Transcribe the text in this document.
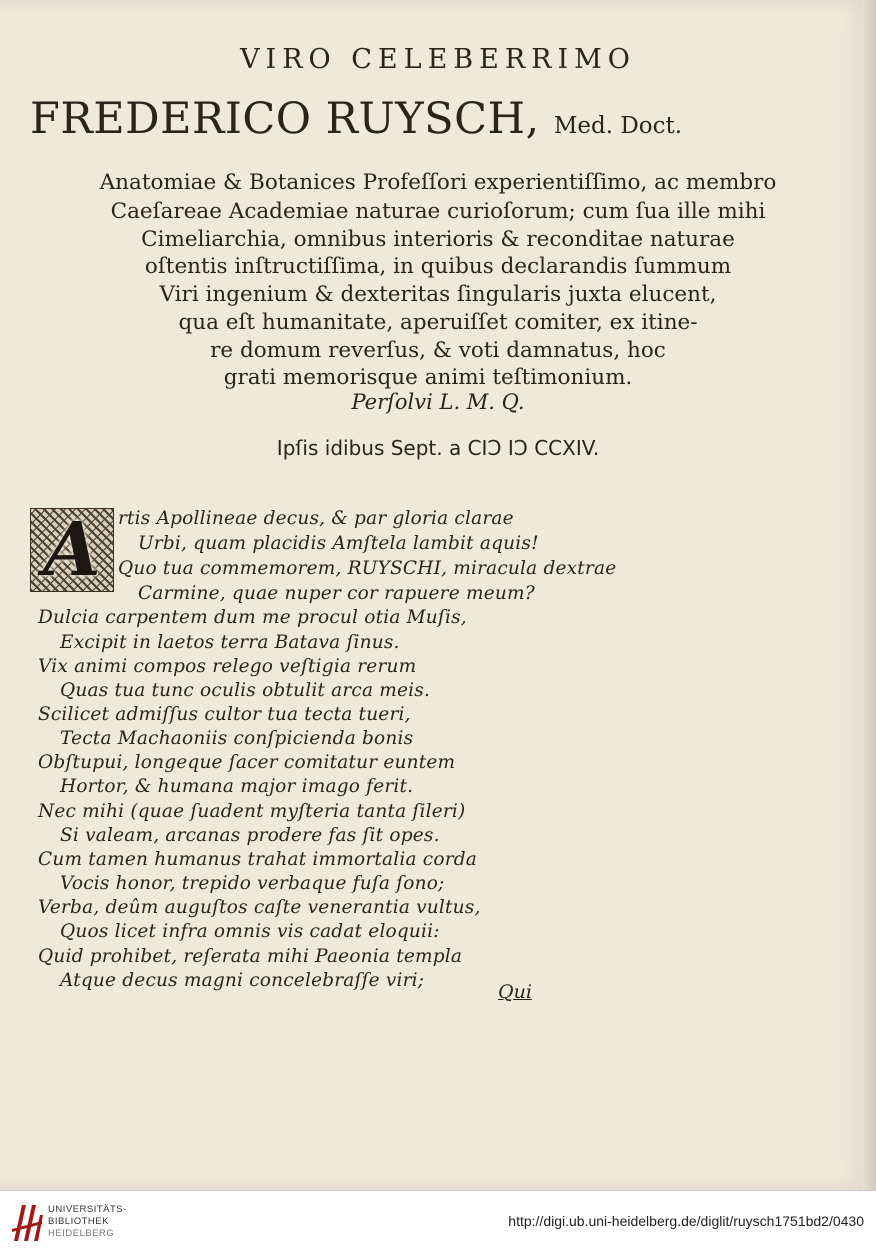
VIRO CELEBERRIMO
FREDERICO RUYSCH, Med. Doct.
Anatomiae & Botanices Profeſſori experientiſſimo, ac membro
Caeſareae Academiae naturae curioſorum; cum ſua ille mihi
Cimeliarchia, omnibus interioris & reconditae naturae
oſtentis inſtructiſſima, in quibus declarandis ſummum
Viri ingenium & dexteritas ſingularis juxta elucent,
qua eſt humanitate, aperuiſſet comiter, ex itine-
re domum reverſus, & voti damnatus, hoc
grati memorisque animi teſtimonium.
Perſolvi L. M. Q.
Ipſis idibus Sept. a CIↃ IↃ CCXIV.
A rtis Apollineae decus, & par gloria clarae
Urbi, quam placidis Amſtela lambit aquis!
Quo tua commemorem, RUYSCHI, miracula dextrae
Carmine, quae nuper cor rapuere meum?
Dulcia carpentem dum me procul otia Muſis,
Excipit in laetos terra Batava ſinus.
Vix animi compos relego veſtigia rerum
Quas tua tunc oculis obtulit arca meis.
Scilicet admiſſus cultor tua tecta tueri,
Tecta Machaoniis conſpicienda bonis
Obſtupui, longeque ſacer comitatur euntem
Hortor, & humana major imago ferit.
Nec mihi (quae ſuadent myſteria tanta ſileri)
Si valeam, arcanas prodere fas ſit opes.
Cum tamen humanus trahat immortalia corda
Vocis honor, trepido verbaque fuſa ſono;
Verba, deûm auguſtos caſte venerantia vultus,
Quos licet infra omnis vis cadat eloquii:
Quid prohibet, reſerata mihi Paeonia templa
Atque decus magni concelebraſſe viri;
Qui
UNIVERSITÄTS-
BIBLIOTHEK
HEIDELBERG
http://digi.ub.uni-heidelberg.de/diglit/ruysch1751bd2/0430
